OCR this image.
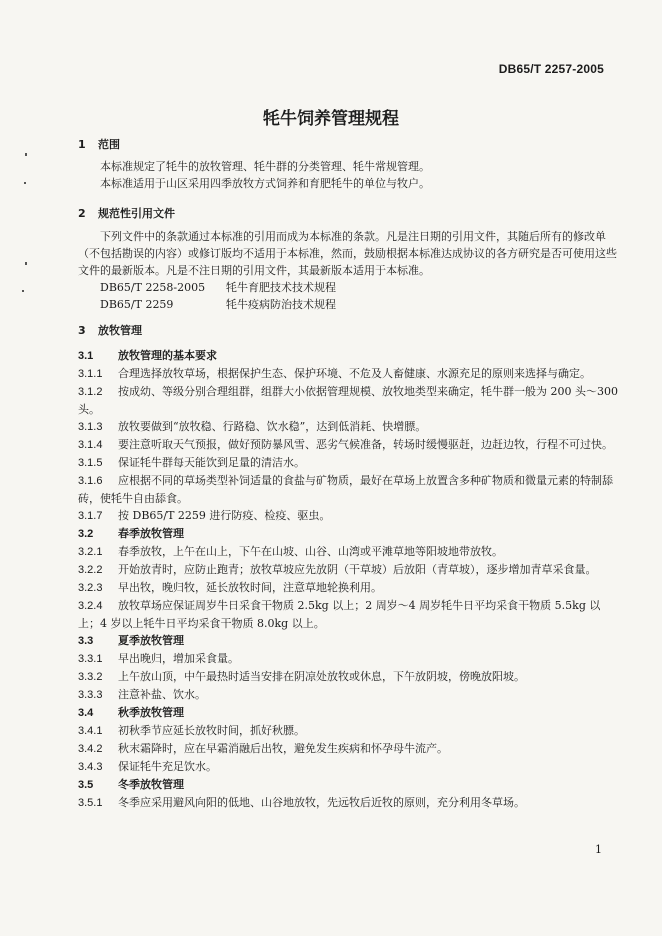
DB65/T 2257-2005
牦牛饲养管理规程
1 范围

本标准规定了牦牛的放牧管理、牦牛群的分类管理、牦牛常规管理。

本标准适用于山区采用四季放牧方式饲养和育肥牦牛的单位与牧户。

2 规范性引用文件

下列文件中的条款通过本标准的引用而成为本标准的条款。凡是注日期的引用文件，其随后所有的修改单（不包括勘误的内容）或修订版均不适用于本标准，然而，鼓励根据本标准达成协议的各方研究是否可使用这些文件的最新版本。凡是不注日期的引用文件，其最新版本适用于本标准。

DB65/T 2258-2005 牦牛育肥技术技术规程

DB65/T 2259	牦牛疫病防治技术规程

3 放牧管理

3.1 放牧管理的基本要求

3.1.1 合理选择放牧草场，根据保护生态、保护环境、不危及人畜健康、水源充足的原则来选择与确定。

3.1.2 按成幼、等级分别合理组群，组群大小依据管理规模、放牧地类型来确定，牦牛群一般为 200 头～300 头。

3.1.3 放牧要做到“放牧稳、行路稳、饮水稳”，达到低消耗、快增膘。

3.1.4 要注意听取天气预报，做好预防暴风雪、恶劣气候准备，转场时缓慢驱赶，边赶边牧，行程不可过快。

3.1.5 保证牦牛群每天能饮到足量的清洁水。

3.1.6 应根据不同的草场类型补饲适量的食盐与矿物质，最好在草场上放置含多种矿物质和微量元素的特制舔砖，使牦牛自由舔食。

3.1.7 按 DB65/T 2259 进行防疫、检疫、驱虫。

3.2 春季放牧管理

3.2.1 春季放牧，上午在山上，下午在山坡、山谷、山湾或平滩草地等阳坡地带放牧。

3.2.2 开始放青时，应防止跑青；放牧草坡应先放阴（干草坡）后放阳（青草坡），逐步增加青草采食量。

3.2.3 早出牧，晚归牧，延长放牧时间，注意草地轮换利用。

3.2.4 放牧草场应保证周岁牛日采食干物质 2.5kg 以上；2 周岁～4 周岁牦牛日平均采食干物质 5.5kg 以上；4 岁以上牦牛日平均采食干物质 8.0kg 以上。

3.3 夏季放牧管理

3.3.1 早出晚归，增加采食量。

3.3.2 上午放山顶，中午最热时适当安排在阴凉处放牧或休息，下午放阴坡，傍晚放阳坡。

3.3.3 注意补盐、饮水。

3.4 秋季放牧管理

3.4.1 初秋季节应延长放牧时间，抓好秋膘。

3.4.2 秋末霜降时，应在早霜消融后出牧，避免发生疾病和怀孕母牛流产。

3.4.3 保证牦牛充足饮水。

3.5 冬季放牧管理

3.5.1 冬季应采用避风向阳的低地、山谷地放牧，先远牧后近牧的原则，充分利用冬草场。

1
